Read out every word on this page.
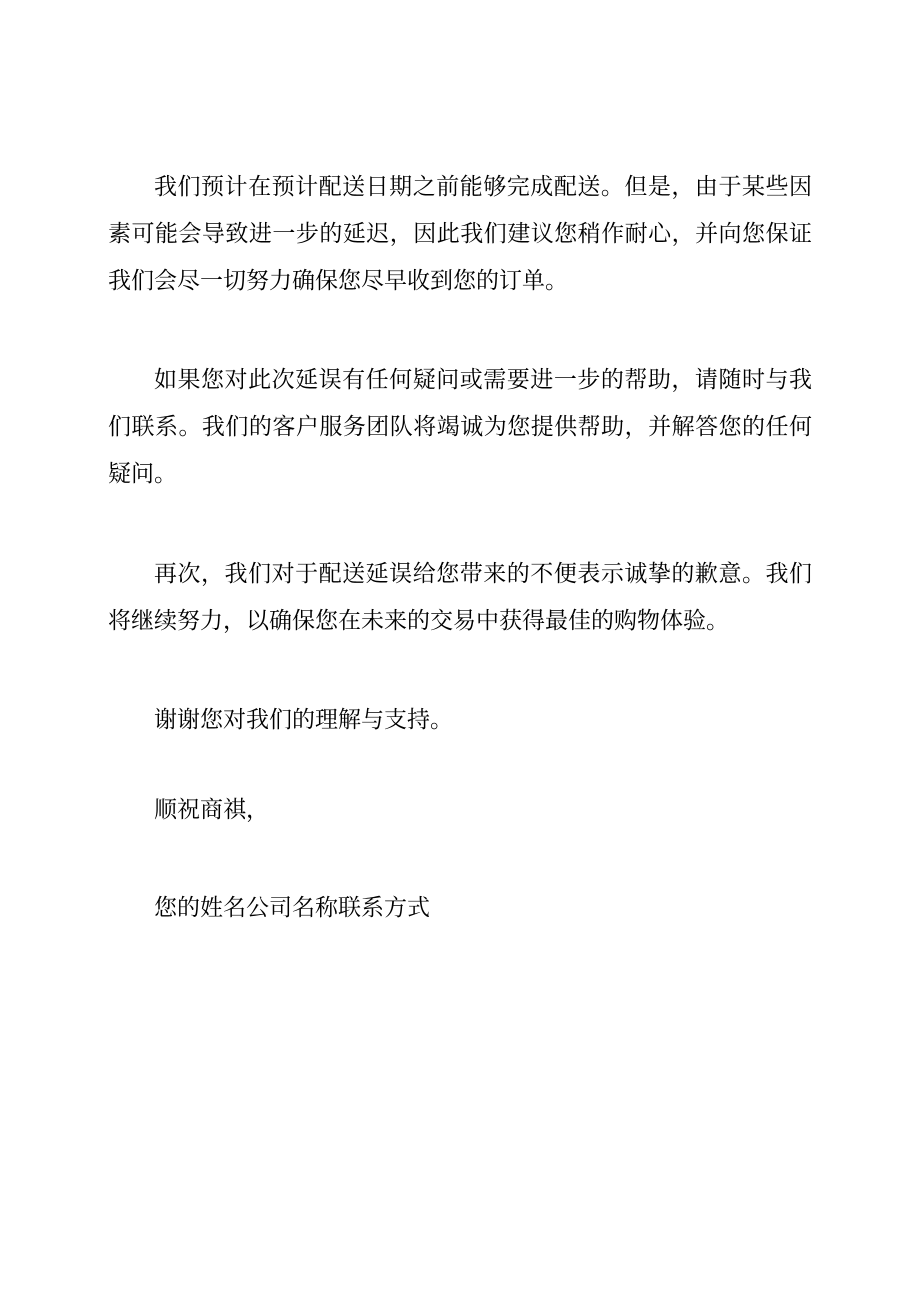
我们预计在预计配送日期之前能够完成配送。但是，由于某些因素可能会导致进一步的延迟，因此我们建议您稍作耐心，并向您保证我们会尽一切努力确保您尽早收到您的订单。

如果您对此次延误有任何疑问或需要进一步的帮助，请随时与我们联系。我们的客户服务团队将竭诚为您提供帮助，并解答您的任何疑问。

再次，我们对于配送延误给您带来的不便表示诚挚的歉意。我们将继续努力，以确保您在未来的交易中获得最佳的购物体验。

谢谢您对我们的理解与支持。

顺祝商祺，

您的姓名公司名称联系方式
